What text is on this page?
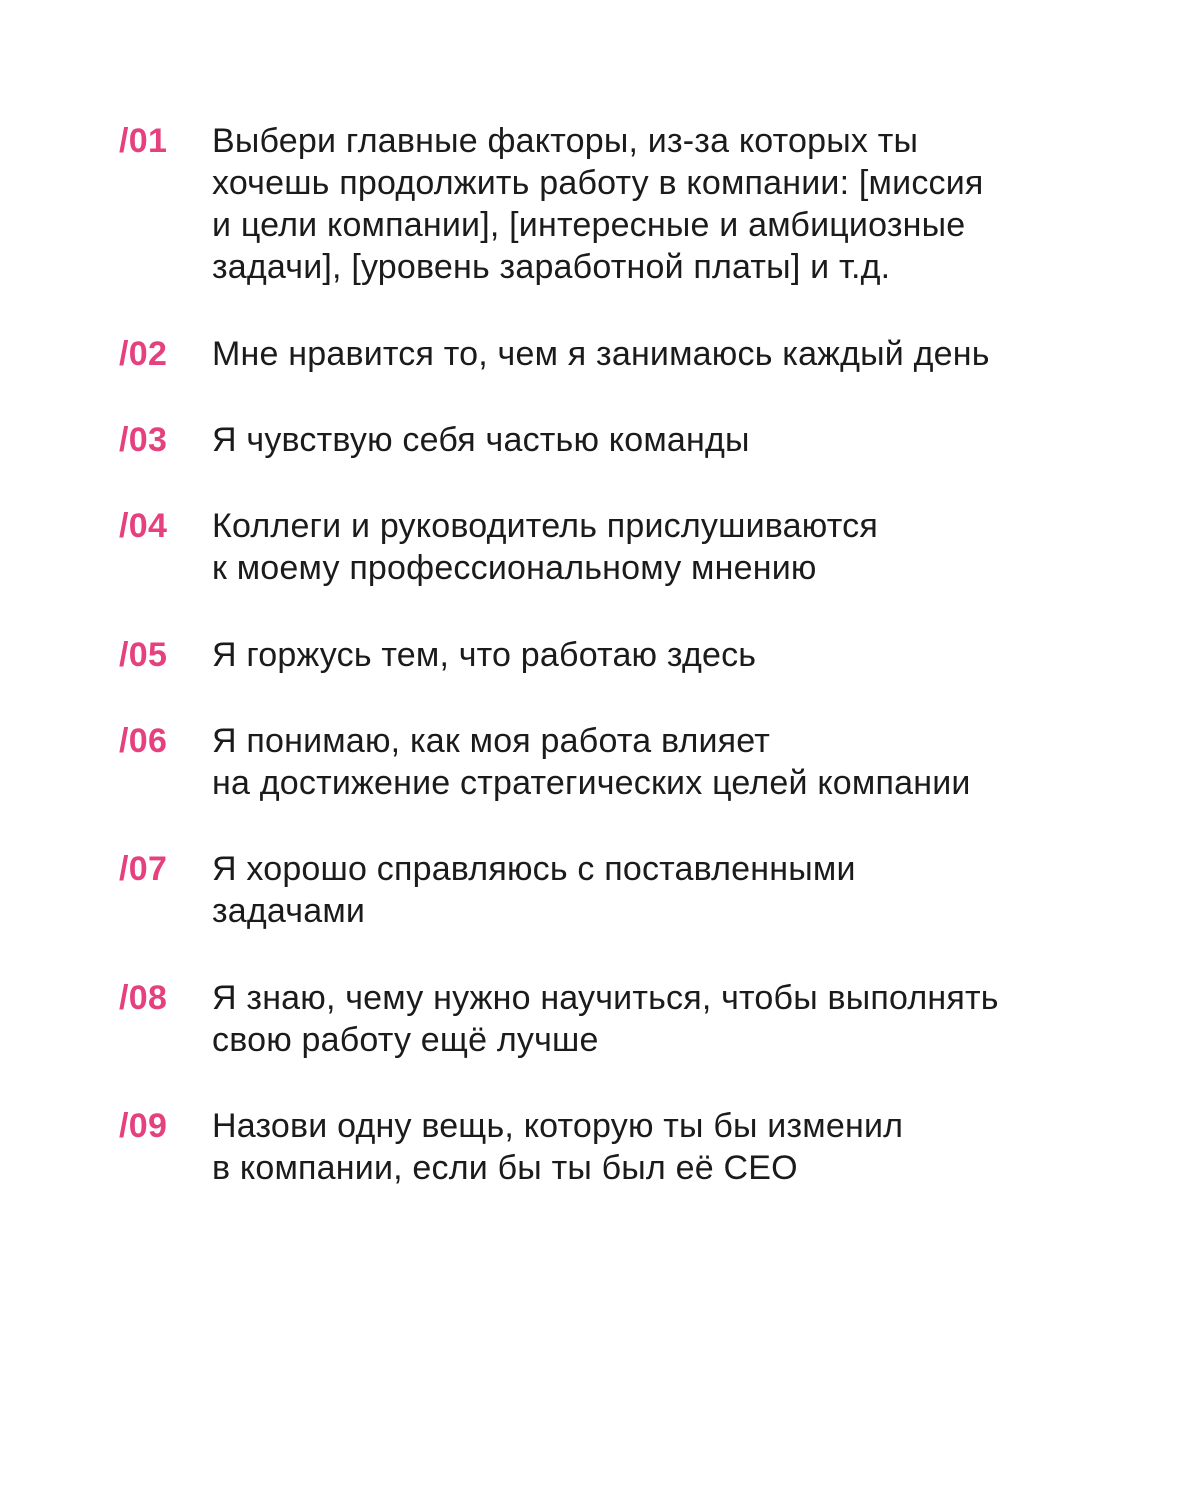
/01 Выбери главные факторы, из-за которых ты
хочешь продолжить работу в компании: [миссия
и цели компании], [интересные и амбициозные
задачи], [уровень заработной платы] и т.д.
/02 Мне нравится то, чем я занимаюсь каждый день
/03 Я чувствую себя частью команды
/04 Коллеги и руководитель прислушиваются
к моему профессиональному мнению
/05 Я горжусь тем, что работаю здесь
/06 Я понимаю, как моя работа влияет
на достижение стратегических целей компании
/07 Я хорошо справляюсь с поставленными
задачами
/08 Я знаю, чему нужно научиться, чтобы выполнять
свою работу ещё лучше
/09 Назови одну вещь, которую ты бы изменил
в компании, если бы ты был её CEO
